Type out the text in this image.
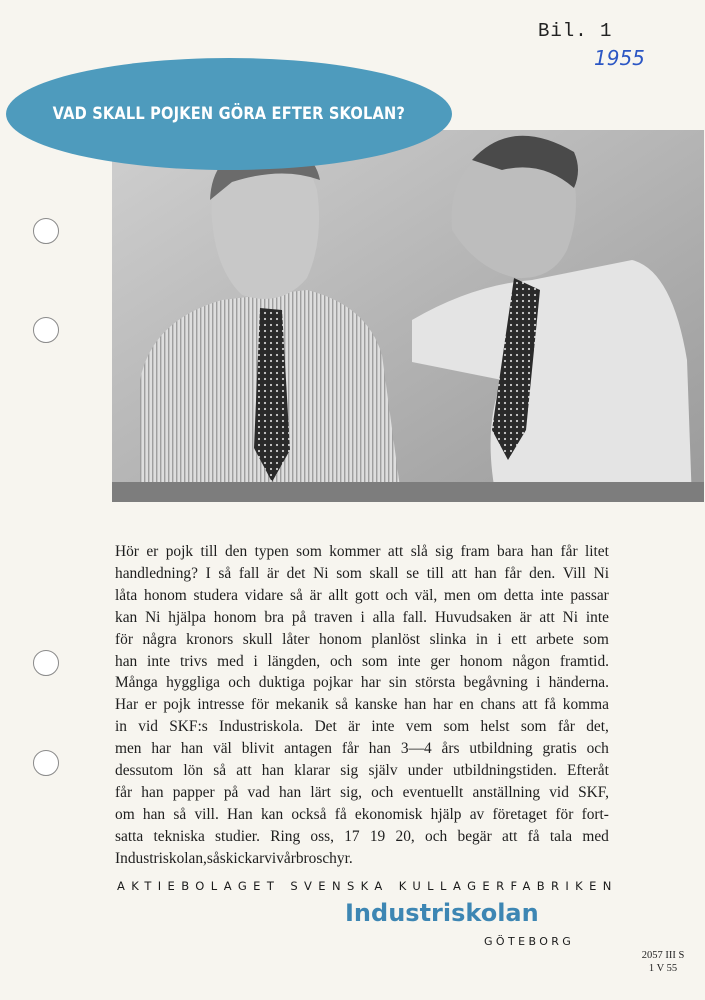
Bil. 1
1955
VAD SKALL POJKEN GÖRA EFTER SKOLAN?
Hör er pojk till den typen som kommer att slå sig fram bara han får litet
handledning? I så fall är det Ni som skall se till att han får den. Vill Ni
låta honom studera vidare så är allt gott och väl, men om detta inte passar
kan Ni hjälpa honom bra på traven i alla fall. Huvudsaken är att Ni inte
för några kronors skull låter honom planlöst slinka in i ett arbete som
han inte trivs med i längden, och som inte ger honom någon framtid.
Många hyggliga och duktiga pojkar har sin största begåvning i händerna.
Har er pojk intresse för mekanik så kanske han har en chans att få komma
in vid SKF:s Industriskola. Det är inte vem som helst som får det,
men har han väl blivit antagen får han 3—4 års utbildning gratis och
dessutom lön så att han klarar sig själv under utbildningstiden. Efteråt
får han papper på vad han lärt sig, och eventuellt anställning vid SKF,
om han så vill. Han kan också få ekonomisk hjälp av företaget för fort-
satta tekniska studier. Ring oss, 17 19 20, och begär att få tala med
Industriskolan, så skickar vi vår broschyr.
AKTIEBOLAGET SVENSKA KULLAGERFABRIKEN
Industriskolan
GÖTEBORG
2057 III S
1 V 55
